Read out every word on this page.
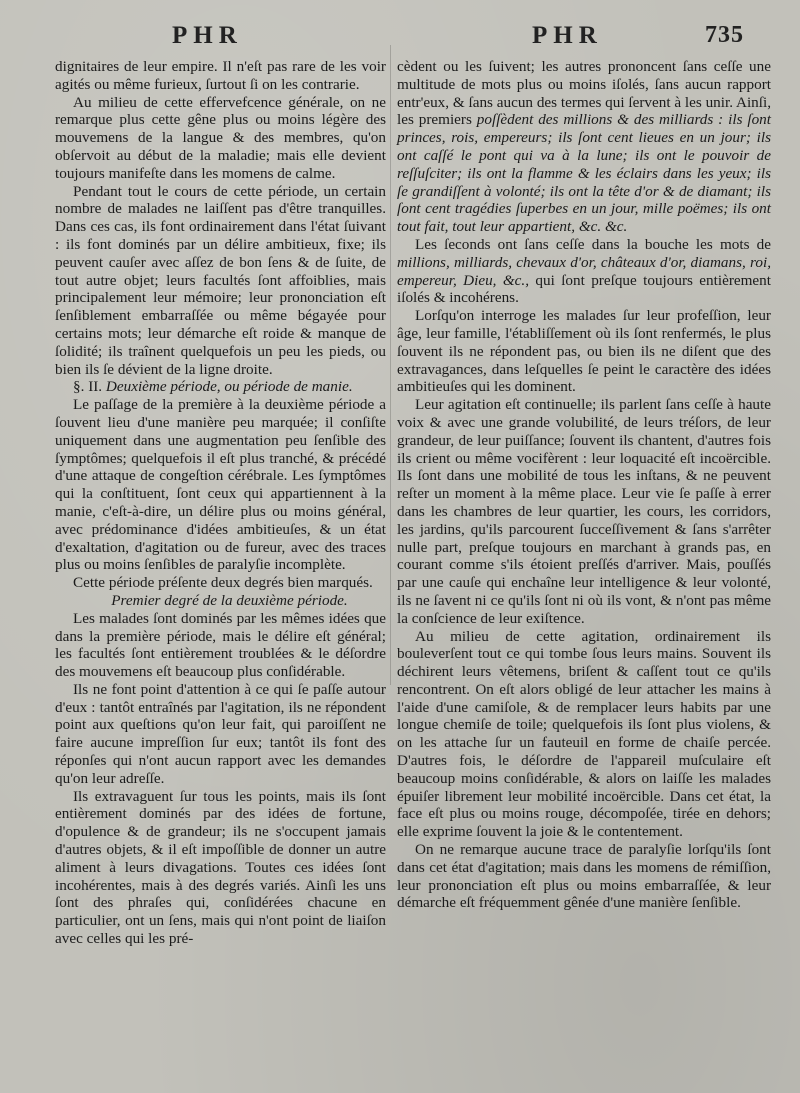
PHR	PHR	735

dignitaires de leur empire. Il n'eſt pas rare de les voir agités ou même furieux, ſurtout ſi on les contrarie.

Au milieu de cette effervefcence générale, on ne remarque plus cette gêne plus ou moins légère des mouvemens de la langue & des membres, qu'on obſervoit au début de la maladie; mais elle devient toujours manifeſte dans les momens de calme.

Pendant tout le cours de cette période, un certain nombre de malades ne laiſſent pas d'être tranquilles. Dans ces cas, ils font ordinairement dans l'état ſuivant : ils font dominés par un délire ambitieux, fixe; ils peuvent cauſer avec aſſez de bon ſens & de ſuite, de tout autre objet; leurs facultés ſont affoiblies, mais principalement leur mémoire; leur prononciation eſt ſenſiblement embarraſſée ou même bégayée pour certains mots; leur démarche eſt roide & manque de ſolidité; ils traînent quelquefois un peu les pieds, ou bien ils ſe dévient de la ligne droite.

§. II. Deuxième période, ou période de manie.

Le paſſage de la première à la deuxième période a ſouvent lieu d'une manière peu marquée; il conſiſte uniquement dans une augmentation peu ſenſible des ſymptômes; quelquefois il eſt plus tranché, & précédé d'une attaque de congeſtion cérébrale. Les ſymptômes qui la conſtituent, ſont ceux qui appartiennent à la manie, c'eſt-à-dire, un délire plus ou moins général, avec prédominance d'idées ambitieuſes, & un état d'exaltation, d'agitation ou de fureur, avec des traces plus ou moins ſenſibles de paralyſie incomplète.

Cette période préſente deux degrés bien marqués.

Premier degré de la deuxième période.

Les malades ſont dominés par les mêmes idées que dans la première période, mais le délire eſt général; les facultés ſont entièrement troublées & le déſordre des mouvemens eſt beaucoup plus conſidérable.

Ils ne font point d'attention à ce qui ſe paſſe autour d'eux : tantôt entraînés par l'agitation, ils ne répondent point aux queſtions qu'on leur fait, qui paroiſſent ne faire aucune impreſſion ſur eux; tantôt ils font des réponſes qui n'ont aucun rapport avec les demandes qu'on leur adreſſe.

Ils extravaguent ſur tous les points, mais ils ſont entièrement dominés par des idées de fortune, d'opulence & de grandeur; ils ne s'occupent jamais d'autres objets, & il eſt impoſſible de donner un autre aliment à leurs divagations. Toutes ces idées ſont incohérentes, mais à des degrés variés. Ainſi les uns ſont des phraſes qui, conſidérées chacune en particulier, ont un ſens, mais qui n'ont point de liaiſon avec celles qui les pré-

cèdent ou les ſuivent; les autres prononcent ſans ceſſe une multitude de mots plus ou moins iſolés, ſans aucun rapport entr'eux, & ſans aucun des termes qui ſervent à les unir. Ainſi, les premiers poſſèdent des millions & des milliards : ils ſont princes, rois, empereurs; ils ſont cent lieues en un jour; ils ont caſſé le pont qui va à la lune; ils ont le pouvoir de reſſuſciter; ils ont la flamme & les éclairs dans les yeux; ils ſe grandiſſent à volonté; ils ont la tête d'or & de diamant; ils ſont cent tragédies ſuperbes en un jour, mille poëmes; ils ont tout fait, tout leur appartient, &c. &c.

Les ſeconds ont ſans ceſſe dans la bouche les mots de millions, milliards, chevaux d'or, châteaux d'or, diamans, roi, empereur, Dieu, &c., qui ſont preſque toujours entièrement iſolés & incohérens.

Lorſqu'on interroge les malades ſur leur profeſſion, leur âge, leur famille, l'établiſſement où ils ſont renfermés, le plus ſouvent ils ne répondent pas, ou bien ils ne diſent que des extravagances, dans leſquelles ſe peint le caractère des idées ambitieuſes qui les dominent.

Leur agitation eſt continuelle; ils parlent ſans ceſſe à haute voix & avec une grande volubilité, de leurs tréſors, de leur grandeur, de leur puiſſance; ſouvent ils chantent, d'autres fois ils crient ou même vocifèrent : leur loquacité eſt incoërcible. Ils ſont dans une mobilité de tous les inſtans, & ne peuvent reſter un moment à la même place. Leur vie ſe paſſe à errer dans les chambres de leur quartier, les cours, les corridors, les jardins, qu'ils parcourent ſucceſſivement & ſans s'arrêter nulle part, preſque toujours en marchant à grands pas, en courant comme s'ils étoient preſſés d'arriver. Mais, pouſſés par une cauſe qui enchaîne leur intelligence & leur volonté, ils ne ſavent ni ce qu'ils ſont ni où ils vont, & n'ont pas même la conſcience de leur exiſtence.

Au milieu de cette agitation, ordinairement ils bouleverſent tout ce qui tombe ſous leurs mains. Souvent ils déchirent leurs vêtemens, briſent & caſſent tout ce qu'ils rencontrent. On eſt alors obligé de leur attacher les mains à l'aide d'une camiſole, & de remplacer leurs habits par une longue chemiſe de toile; quelquefois ils ſont plus violens, & on les attache ſur un fauteuil en forme de chaiſe percée. D'autres fois, le déſordre de l'appareil muſculaire eſt beaucoup moins conſidérable, & alors on laiſſe les malades épuiſer librement leur mobilité incoërcible. Dans cet état, la face eſt plus ou moins rouge, décompoſée, tirée en dehors; elle exprime ſouvent la joie & le contentement.

On ne remarque aucune trace de paralyſie lorſqu'ils ſont dans cet état d'agitation; mais dans les momens de rémiſſion, leur prononciation eſt plus ou moins embarraſſée, & leur démarche eſt fréquemment gênée d'une manière ſenſible.
